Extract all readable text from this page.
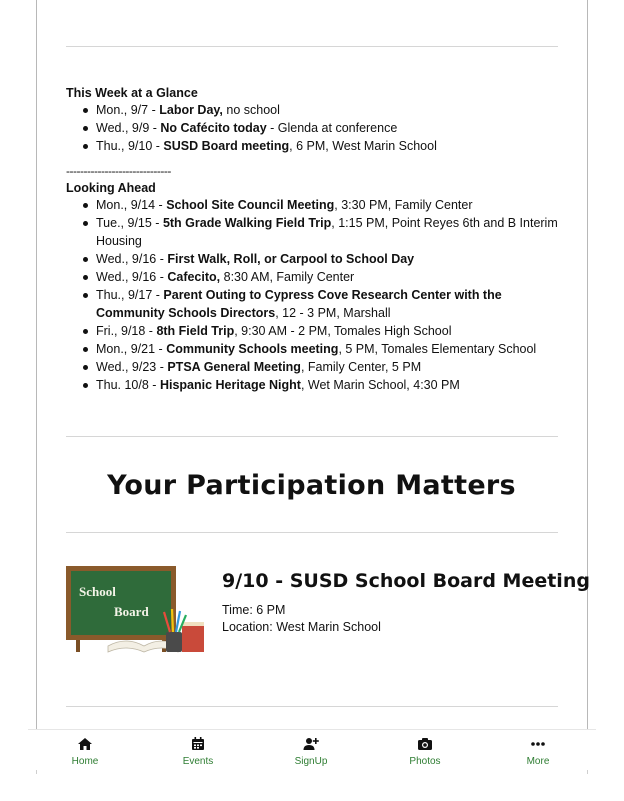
This Week at a Glance
Mon., 9/7 - Labor Day, no school
Wed., 9/9 - No Cafécito today - Glenda at conference
Thu., 9/10 - SUSD Board meeting, 6 PM, West Marin School
------------------------------
Looking Ahead
Mon., 9/14 - School Site Council Meeting, 3:30 PM, Family Center
Tue., 9/15 - 5th Grade Walking Field Trip, 1:15 PM, Point Reyes 6th and B Interim Housing
Wed., 9/16 - First Walk, Roll, or Carpool to School Day
Wed., 9/16 - Cafecito, 8:30 AM, Family Center
Thu., 9/17 - Parent Outing to Cypress Cove Research Center with the Community Schools Directors, 12 - 3 PM, Marshall
Fri., 9/18 - 8th Field Trip, 9:30 AM - 2 PM, Tomales High School
Mon., 9/21 - Community Schools meeting, 5 PM, Tomales Elementary School
Wed., 9/23 - PTSA General Meeting, Family Center, 5 PM
Thu. 10/8 - Hispanic Heritage Night, Wet Marin School, 4:30 PM
Your Participation Matters
School
Board
9/10 - SUSD School Board Meeting
Time: 6 PM
Location: West Marin School
Home	Events	SignUp	Photos	More
